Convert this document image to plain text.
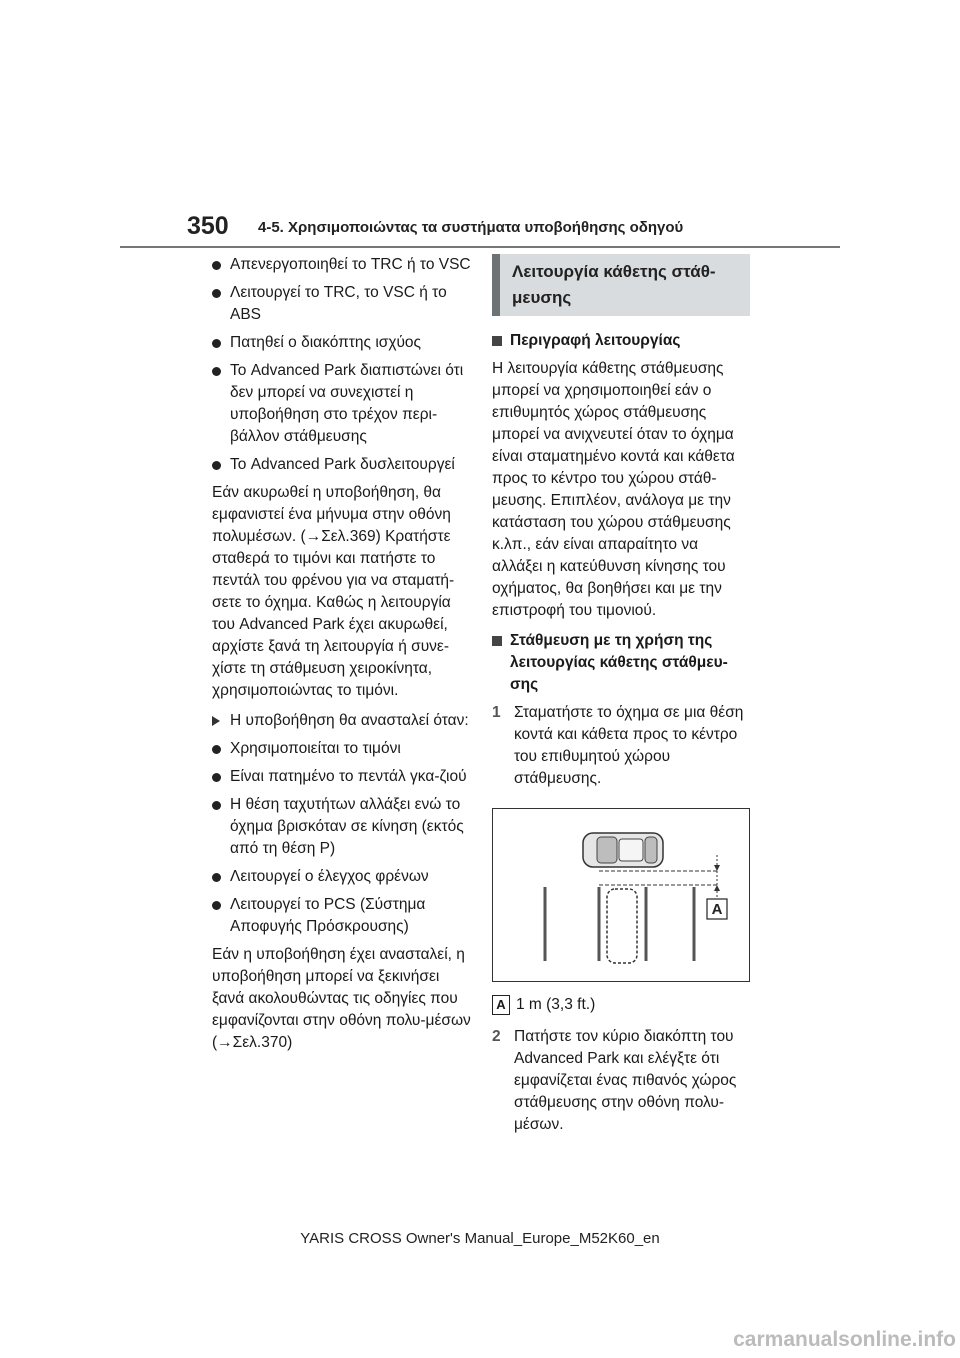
350 4-5. Χρησιμοποιώντας τα συστήματα υποβοήθησης οδηγού
Απενεργοποιηθεί το TRC ή το VSC
Λειτουργεί το TRC, το VSC ή το ABS
Πατηθεί ο διακόπτης ισχύος
Το Advanced Park διαπιστώνει ότι δεν μπορεί να συνεχιστεί η υποβοήθηση στο τρέχον περι-βάλλον στάθμευσης
Το Advanced Park δυσλειτουργεί

Εάν ακυρωθεί η υποβοήθηση, θα εμφανιστεί ένα μήνυμα στην οθόνη πολυμέσων. (→Σελ.369) Κρατήστε σταθερά το τιμόνι και πατήστε το πεντάλ του φρένου για να σταματή-σετε το όχημα. Καθώς η λειτουργία του Advanced Park έχει ακυρωθεί, αρχίστε ξανά τη λειτουργία ή συνε-χίστε τη στάθμευση χειροκίνητα, χρησιμοποιώντας το τιμόνι.

Η υποβοήθηση θα ανασταλεί όταν:
Χρησιμοποιείται το τιμόνι
Είναι πατημένο το πεντάλ γκα-ζιού
Η θέση ταχυτήτων αλλάξει ενώ το όχημα βρισκόταν σε κίνηση (εκτός από τη θέση P)
Λειτουργεί ο έλεγχος φρένων
Λειτουργεί το PCS (Σύστημα Αποφυγής Πρόσκρουσης)

Εάν η υποβοήθηση έχει ανασταλεί, η υποβοήθηση μπορεί να ξεκινήσει ξανά ακολουθώντας τις οδηγίες που εμφανίζονται στην οθόνη πολυ-μέσων (→Σελ.370)

Λειτουργία κάθετης στάθ-μευσης
Περιγραφή λειτουργίας

Η λειτουργία κάθετης στάθμευσης μπορεί να χρησιμοποιηθεί εάν ο επιθυμητός χώρος στάθμευσης μπορεί να ανιχνευτεί όταν το όχημα είναι σταματημένο κοντά και κάθετα προς το κέντρο του χώρου στάθ-μευσης. Επιπλέον, ανάλογα με την κατάσταση του χώρου στάθμευσης κ.λπ., εάν είναι απαραίτητο να αλλάξει η κατεύθυνση κίνησης του οχήματος, θα βοηθήσει και με την επιστροφή του τιμονιού.

Στάθμευση με τη χρήση της λειτουργίας κάθετης στάθμευ-σης
1 Σταματήστε το όχημα σε μια θέση κοντά και κάθετα προς το κέντρο του επιθυμητού χώρου στάθμευσης.
A
A 1 m (3,3 ft.)
2 Πατήστε τον κύριο διακόπτη του Advanced Park και ελέγξτε ότι εμφανίζεται ένας πιθανός χώρος στάθμευσης στην οθόνη πολυ-μέσων.
YARIS CROSS Owner's Manual_Europe_M52K60_en
carmanualsonline.info
